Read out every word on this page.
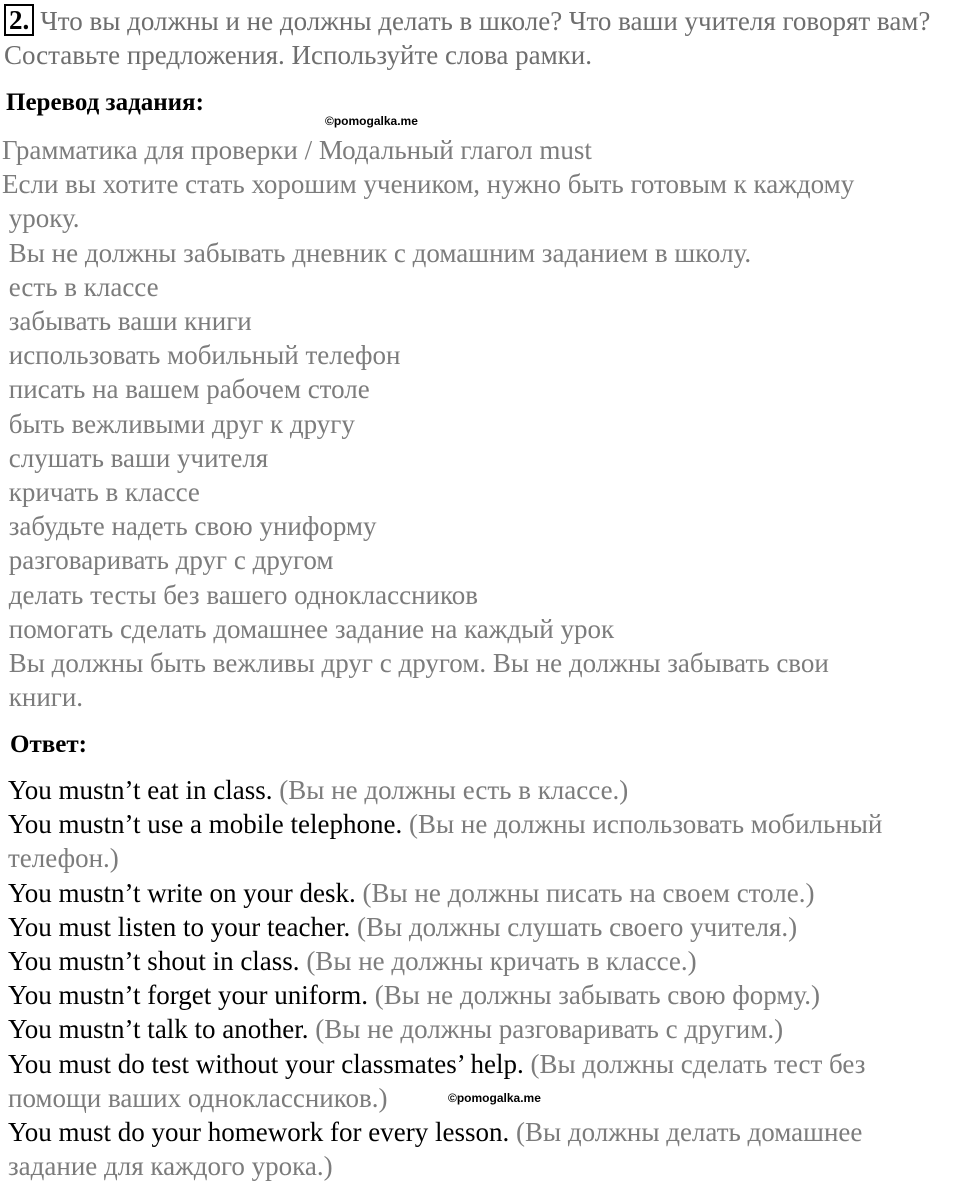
2. Что вы должны и не должны делать в школе? Что ваши учителя говорят вам? Составьте предложения. Используйте слова рамки.
Перевод задания:
©pomogalka.me
Грамматика для проверки / Модальный глагол must
Если вы хотите стать хорошим учеником, нужно быть готовым к каждому
уроку.
Вы не должны забывать дневник с домашним заданием в школу.
есть в классе
забывать ваши книги
использовать мобильный телефон
писать на вашем рабочем столе
быть вежливыми друг к другу
слушать ваши учителя
кричать в классе
забудьте надеть свою униформу
разговаривать друг с другом
делать тесты без вашего одноклассников
помогать сделать домашнее задание на каждый урок
Вы должны быть вежливы друг с другом. Вы не должны забывать свои
книги.
Ответ:
You mustn’t eat in class. (Вы не должны есть в классе.)
You mustn’t use a mobile telephone. (Вы не должны использовать мобильный телефон.)
You mustn’t write on your desk. (Вы не должны писать на своем столе.)
You must listen to your teacher. (Вы должны слушать своего учителя.)
You mustn’t shout in class. (Вы не должны кричать в классе.)
You mustn’t forget your uniform. (Вы не должны забывать свою форму.)
You mustn’t talk to another. (Вы не должны разговаривать с другим.)
You must do test without your classmates’ help. (Вы должны сделать тест без помощи ваших одноклассников.)
You must do your homework for every lesson. (Вы должны делать домашнее задание для каждого урока.)
©pomogalka.me
